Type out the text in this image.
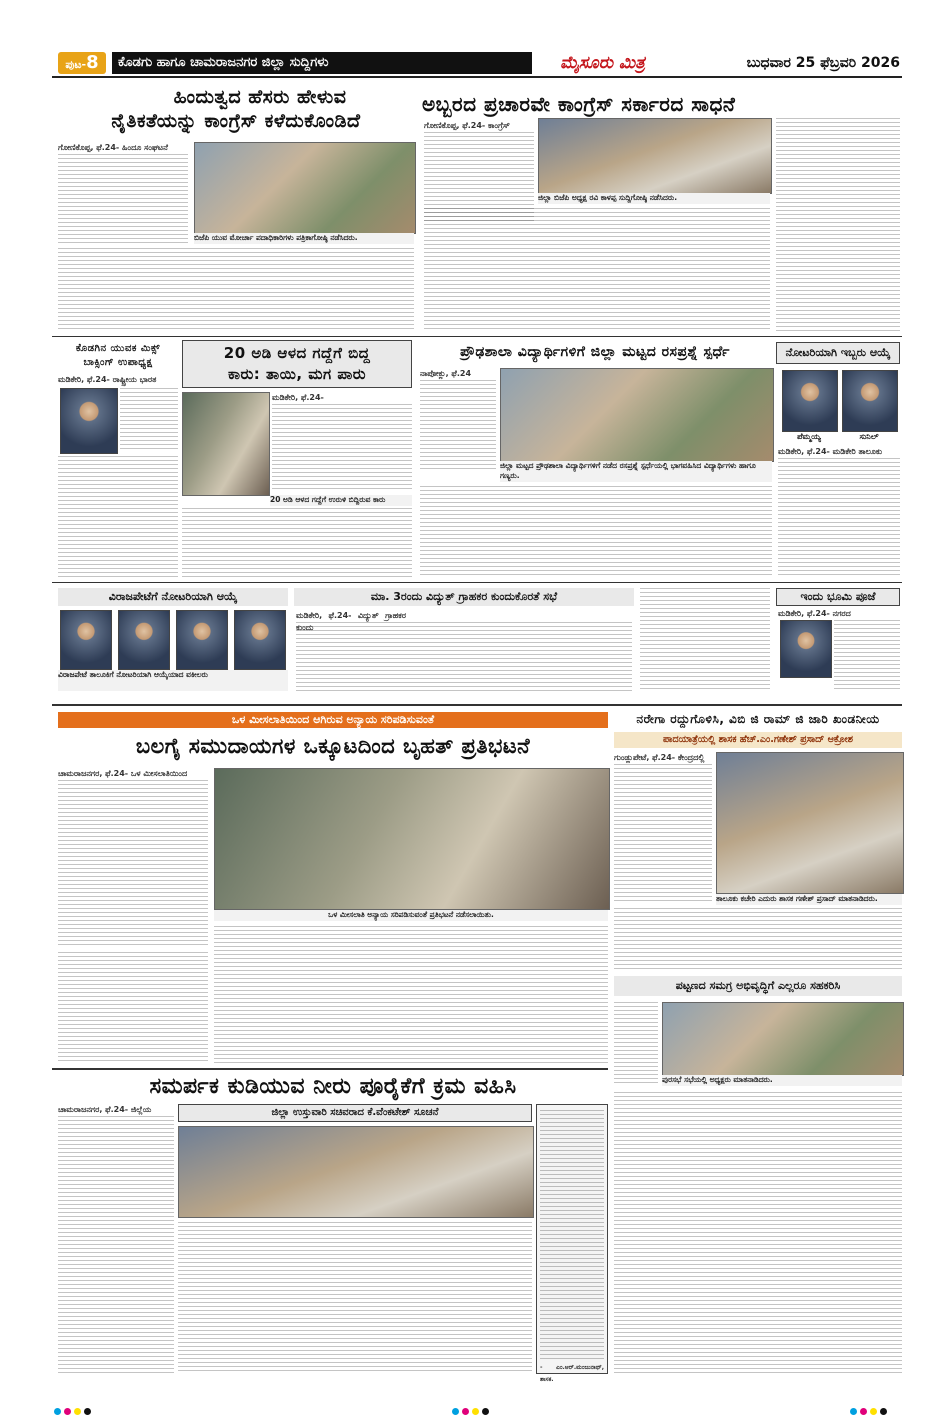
ಪುಟ-8	ಕೊಡಗು ಹಾಗೂ ಚಾಮರಾಜನಗರ ಜಿಲ್ಲಾ ಸುದ್ದಿಗಳು	ಮೈಸೂರು ಮಿತ್ರ	ಬುಧವಾರ 25 ಫೆಬ್ರವರಿ 2026
ಹಿಂದುತ್ವದ ಹೆಸರು ಹೇಳುವ
ನೈತಿಕತೆಯನ್ನು ಕಾಂಗ್ರೆಸ್ ಕಳೆದುಕೊಂಡಿದೆ
ಗೋಣಿಕೊಪ್ಪ, ಫೆ.24- ಹಿಂದೂ ಸಂಘಟನೆ
ಬಿಜೆಪಿ ಯುವ ಮೋರ್ಚಾ ಪದಾಧಿಕಾರಿಗಳು ಪತ್ರಿಕಾಗೋಷ್ಠಿ ನಡೆಸಿದರು.
ಅಬ್ಬರದ ಪ್ರಚಾರವೇ ಕಾಂಗ್ರೆಸ್ ಸರ್ಕಾರದ ಸಾಧನೆ
ಗೋಣಿಕೊಪ್ಪ, ಫೆ.24- ಕಾಂಗ್ರೆಸ್
ಜಿಲ್ಲಾ ಬಿಜೆಪಿ ಅಧ್ಯಕ್ಷ ರವಿ ಕಾಳಪ್ಪ ಸುದ್ದಿಗೋಷ್ಠಿ ನಡೆಸಿದರು.
ಕೊಡಗಿನ ಯುವಕ ಮಿಕ್ಸ್
ಬಾಕ್ಸಿಂಗ್ ಉಪಾಧ್ಯಕ್ಷ
ಮಡಿಕೇರಿ, ಫೆ.24- ರಾಷ್ಟ್ರೀಯ ಭಾರತ
20 ಅಡಿ ಆಳದ ಗದ್ದೆಗೆ ಬಿದ್ದ
ಕಾರು: ತಾಯಿ, ಮಗ ಪಾರು
20 ಅಡಿ ಆಳದ ಗದ್ದೆಗೆ ಉರುಳಿ ಬಿದ್ದಿರುವ ಕಾರು
ಮಡಿಕೇರಿ, ಫೆ.24-
ಪ್ರೌಢಶಾಲಾ ವಿದ್ಯಾರ್ಥಿಗಳಿಗೆ ಜಿಲ್ಲಾ ಮಟ್ಟದ ರಸಪ್ರಶ್ನೆ ಸ್ಪರ್ಧೆ
ನಾಪೋಕ್ಲು, ಫೆ.24
ಜಿಲ್ಲಾ ಮಟ್ಟದ ಪ್ರೌಢಶಾಲಾ ವಿದ್ಯಾರ್ಥಿಗಳಿಗೆ ನಡೆದ ರಸಪ್ರಶ್ನೆ ಸ್ಪರ್ಧೆಯಲ್ಲಿ ಭಾಗವಹಿಸಿದ ವಿದ್ಯಾರ್ಥಿಗಳು ಹಾಗೂ ಗಣ್ಯರು.
ನೋಟರಿಯಾಗಿ ಇಬ್ಬರು ಆಯ್ಕೆ
ಪೆಮ್ಮಯ್ಯ	ಸುನಿಲ್
ಮಡಿಕೇರಿ, ಫೆ.24- ಮಡಿಕೇರಿ ತಾಲೂಕು
ವಿರಾಜಪೇಟೆಗೆ ನೋಟರಿಯಾಗಿ ಆಯ್ಕೆ
ವಿರಾಜಪೇಟೆ ತಾಲೂಕಿಗೆ ನೋಟರಿಯಾಗಿ ಆಯ್ಕೆಯಾದ ವಕೀಲರು
ಮಾ. 3ರಂದು ವಿದ್ಯುತ್ ಗ್ರಾಹಕರ ಕುಂದುಕೊರತೆ ಸಭೆ
ಮಡಿಕೇರಿ, ಫೆ.24- ವಿದ್ಯುತ್ ಗ್ರಾಹಕರ ಕುಂದು
ಇಂದು ಭೂಮಿ ಪೂಜೆ
ಮಡಿಕೇರಿ, ಫೆ.24- ನಗರದ
ಒಳ ಮೀಸಲಾತಿಯಿಂದ ಆಗಿರುವ ಅನ್ಯಾಯ ಸರಿಪಡಿಸುವಂತೆ
ಬಲಗೈ ಸಮುದಾಯಗಳ ಒಕ್ಕೂಟದಿಂದ ಬೃಹತ್ ಪ್ರತಿಭಟನೆ
ಚಾಮರಾಜನಗರ, ಫೆ.24- ಒಳ ಮೀಸಲಾತಿಯಿಂದ
ಒಳ ಮೀಸಲಾತಿ ಅನ್ಯಾಯ ಸರಿಪಡಿಸುವಂತೆ ಪ್ರತಿಭಟನೆ ನಡೆಸಲಾಯಿತು.
ನರೇಗಾ ರದ್ದುಗೊಳಿಸಿ, ವಿಬಿ ಜಿ ರಾಮ್ ಜಿ ಜಾರಿ ಖಂಡನೀಯ
ಪಾದಯಾತ್ರೆಯಲ್ಲಿ ಶಾಸಕ ಹೆಚ್.ಎಂ.ಗಣೇಶ್ ಪ್ರಸಾದ್ ಆಕ್ರೋಶ
ಗುಂಡ್ಲುಪೇಟೆ, ಫೆ.24- ಕೇಂದ್ರದಲ್ಲಿ
ತಾಲೂಕು ಕಚೇರಿ ಎದುರು ಶಾಸಕ ಗಣೇಶ್ ಪ್ರಸಾದ್ ಮಾತನಾಡಿದರು.
ಪಟ್ಟಣದ ಸಮಗ್ರ ಅಭಿವೃದ್ಧಿಗೆ ಎಲ್ಲರೂ ಸಹಕರಿಸಿ
ಪುರಸಭೆ ಸಭೆಯಲ್ಲಿ ಅಧ್ಯಕ್ಷರು ಮಾತನಾಡಿದರು.
ಸಮರ್ಪಕ ಕುಡಿಯುವ ನೀರು ಪೂರೈಕೆಗೆ ಕ್ರಮ ವಹಿಸಿ
ಜಿಲ್ಲಾ ಉಸ್ತುವಾರಿ ಸಚಿವರಾದ ಕೆ.ವೆಂಕಟೇಶ್ ಸೂಚನೆ
ಚಾಮರಾಜನಗರ, ಫೆ.24- ಜಿಲ್ಲೆಯ
- ಎಂ.ಆರ್.ಮಂಜುನಾಥ್, ಶಾಸಕ.
